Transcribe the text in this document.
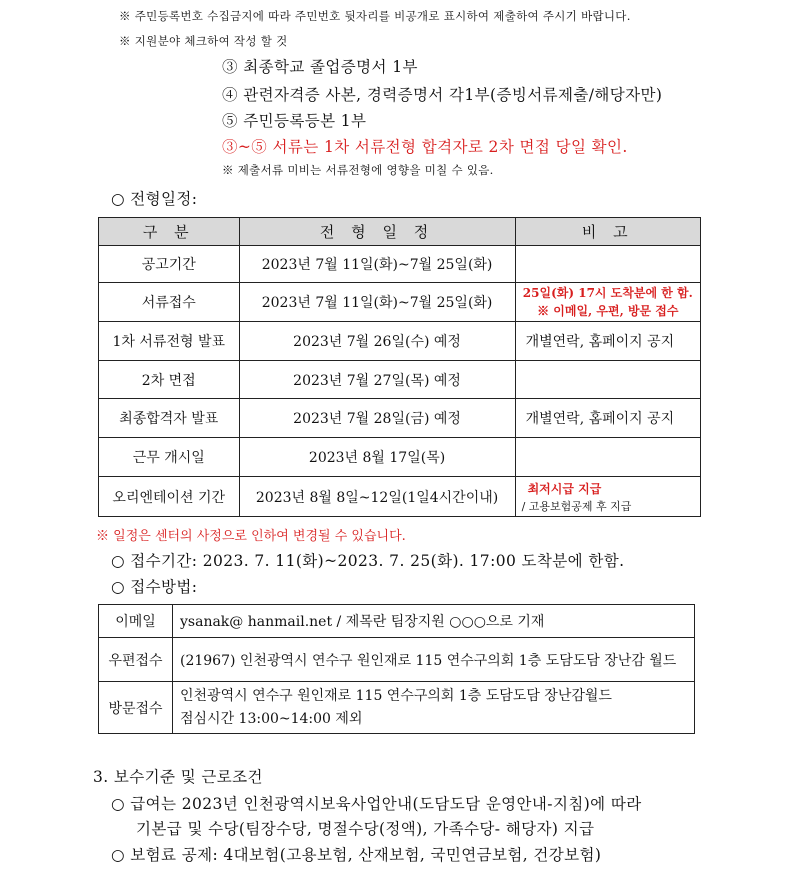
※ 주민등록번호 수집금지에 따라 주민번호 뒷자리를 비공개로 표시하여 제출하여 주시기 바랍니다.
※ 지원분야 체크하여 작성 할 것
③ 최종학교 졸업증명서 1부
④ 관련자격증 사본, 경력증명서 각1부(증빙서류제출/해당자만)
⑤ 주민등록등본 1부
③~⑤ 서류는 1차 서류전형 합격자로 2차 면접 당일 확인.
※ 제출서류 미비는 서류전형에 영향을 미칠 수 있음.
○ 전형일정:
구 분	전 형 일 정	비 고
공고기간	2023년 7월 11일(화)~7월 25일(화)	
서류접수	2023년 7월 11일(화)~7월 25일(화)	25일(화) 17시 도착분에 한 함.
※ 이메일, 우편, 방문 접수

1차 서류전형 발표	2023년 7월 26일(수) 예정	개별연락, 홈페이지 공지
2차 면접	2023년 7월 27일(목) 예정	
최종합격자 발표	2023년 7월 28일(금) 예정	개별연락, 홈페이지 공지
근무 개시일	2023년 8월 17일(목)	
오리엔테이션 기간	2023년 8월 8일~12일(1일4시간이내)	최저시급 지급
/ 고용보험공제 후 지급
※ 일정은 센터의 사정으로 인하여 변경될 수 있습니다.
○ 접수기간: 2023. 7. 11(화)~2023. 7. 25(화). 17:00 도착분에 한함.
○ 접수방법:
이메일	ysanak@ hanmail.net / 제목란 팀장지원 ○○○으로 기재
우편접수	(21967) 인천광역시 연수구 원인재로 115 연수구의회 1층 도담도담 장난감 월드
방문접수	인천광역시 연수구 원인재로 115 연수구의회 1층 도담도담 장난감월드
점심시간 13:00~14:00 제외
3. 보수기준 및 근로조건
○ 급여는 2023년 인천광역시보육사업안내(도담도담 운영안내-지침)에 따라
기본급 및 수당(팀장수당, 명절수당(정액), 가족수당- 해당자) 지급
○ 보험료 공제: 4대보험(고용보험, 산재보험, 국민연금보험, 건강보험)
